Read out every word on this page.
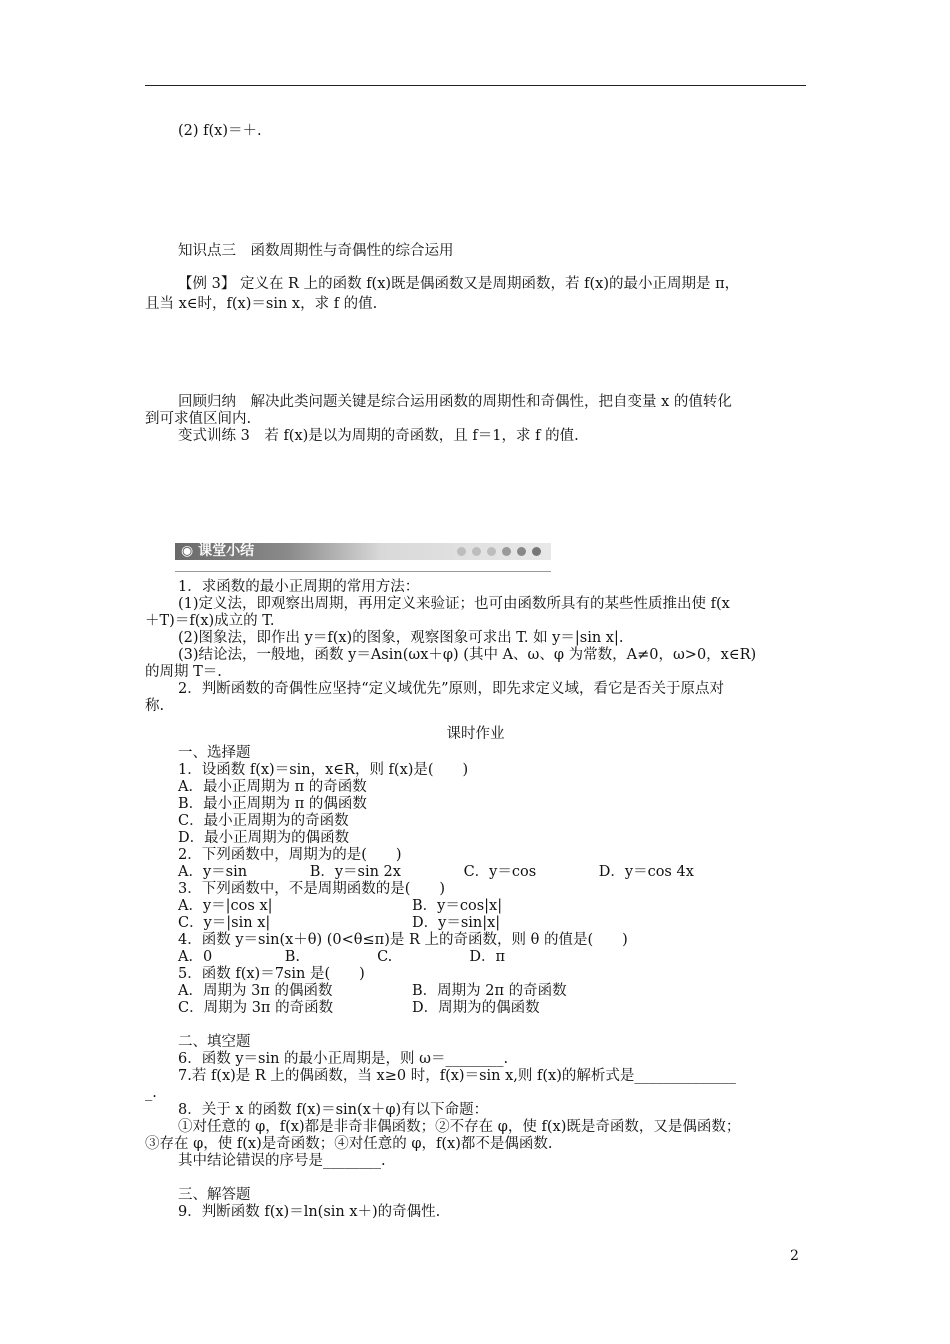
(2) f(x)＝＋.
知识点三　函数周期性与奇偶性的综合运用
【例 3】 定义在 R 上的函数 f(x)既是偶函数又是周期函数，若 f(x)的最小正周期是 π，
且当 x∈时，f(x)＝sin x，求 f 的值.
回顾归纳　解决此类问题关键是综合运用函数的周期性和奇偶性，把自变量 x 的值转化
到可求值区间内.
变式训练 3　若 f(x)是以为周期的奇函数，且 f＝1，求 f 的值.
1．求函数的最小正周期的常用方法：
(1)定义法，即观察出周期，再用定义来验证；也可由函数所具有的某些性质推出使 f(x
＋T)＝f(x)成立的 T.
(2)图象法，即作出 y＝f(x)的图象，观察图象可求出 T. 如 y＝|sin x|.
(3)结论法，一般地，函数 y＝Asin(ωx＋φ) (其中 A、ω、φ 为常数，A≠0，ω>0，x∈R)
的周期 T＝.
2．判断函数的奇偶性应坚持“定义域优先”原则，即先求定义域，看它是否关于原点对
称.
一、选择题
1．设函数 f(x)＝sin，x∈R，则 f(x)是(　　)
A．最小正周期为 π 的奇函数
B．最小正周期为 π 的偶函数
C．最小正周期为的奇函数
D．最小正周期为的偶函数
2．下列函数中，周期为的是(　　)
A．y＝sin　　　　 B．y＝sin 2x　　　　 C．y＝cos　　　　 D．y＝cos 4x
3．下列函数中，不是周期函数的是(　　)
A．y＝|cos x|	B．y＝cos|x|
C．y＝|sin x|	D．y＝sin|x|
4．函数 y＝sin(x＋θ) (0<θ≤π)是 R 上的奇函数，则 θ 的值是(　　)
A．0　　　　　B.　　　　　 C.　　　　　 D．π
5．函数 f(x)＝7sin 是(　　)
A．周期为 3π 的偶函数	B．周期为 2π 的奇函数
C．周期为 3π 的奇函数	D．周期为的偶函数
二、填空题
6．函数 y＝sin 的最小正周期是，则 ω＝________.
7.若 f(x)是 R 上的偶函数，当 x≥0 时，f(x)＝sin x,则 f(x)的解析式是______________
_.
8．关于 x 的函数 f(x)＝sin(x＋φ)有以下命题：
①对任意的 φ，f(x)都是非奇非偶函数；②不存在 φ，使 f(x)既是奇函数，又是偶函数；
③存在 φ，使 f(x)是奇函数；④对任意的 φ，f(x)都不是偶函数.
其中结论错误的序号是________.
三、解答题
9．判断函数 f(x)＝ln(sin x＋)的奇偶性.
◉ 课堂小结
课时作业
2
